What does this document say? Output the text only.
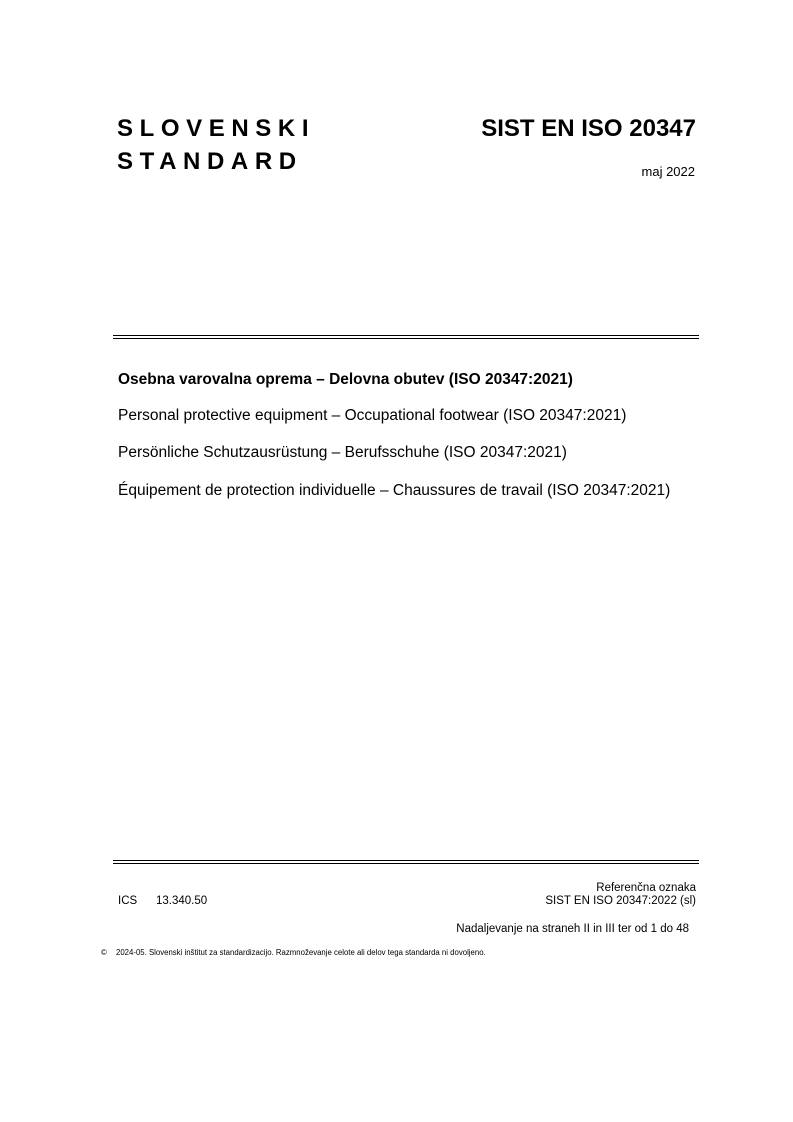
SLOVENSKI
STANDARD
SIST EN ISO 20347
maj 2022
Osebna varovalna oprema – Delovna obutev (ISO 20347:2021)
Personal protective equipment – Occupational footwear (ISO 20347:2021)
Persönliche Schutzausrüstung – Berufsschuhe (ISO 20347:2021)
Équipement de protection individuelle – Chaussures de travail (ISO 20347:2021)
ICS 13.340.50
Referenčna oznaka
SIST EN ISO 20347:2022 (sl)
Nadaljevanje na straneh II in III ter od 1 do 48
© 2024-05. Slovenski inštitut za standardizacijo. Razmnoževanje celote ali delov tega standarda ni dovoljeno.
